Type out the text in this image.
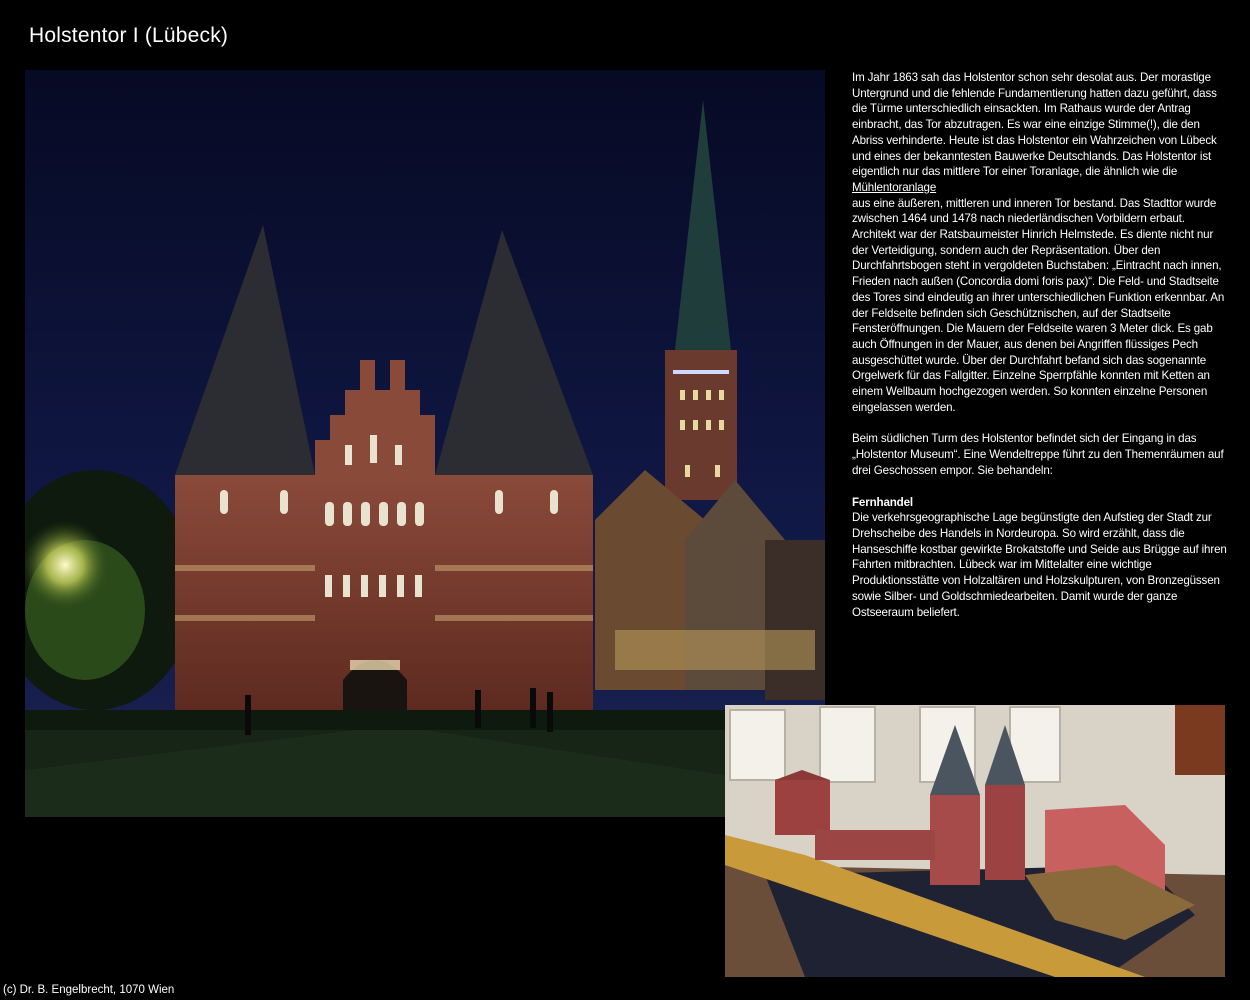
Holstentor I (Lübeck)

Im Jahr 1863 sah das Holstentor schon sehr desolat aus. Der morastige Untergrund und die fehlende Fundamentierung hatten dazu geführt, dass die Türme unterschiedlich einsackten. Im Rathaus wurde der Antrag einbracht, das Tor abzutragen. Es war eine einzige Stimme(!), die den Abriss verhinderte. Heute ist das Holstentor ein Wahrzeichen von Lübeck und eines der bekanntesten Bauwerke Deutschlands. Das Holstentor ist eigentlich nur das mittlere Tor einer Toranlage, die ähnlich wie die

Mühlentoranlage

aus eine äußeren, mittleren und inneren Tor bestand. Das Stadttor wurde zwischen 1464 und 1478 nach niederländischen Vorbildern erbaut. Architekt war der Ratsbaumeister Hinrich Helmstede. Es diente nicht nur der Verteidigung, sondern auch der Repräsentation. Über den Durchfahrtsbogen steht in vergoldeten Buchstaben: „Eintracht nach innen, Frieden nach außen (Concordia domi foris pax)“. Die Feld- und Stadtseite des Tores sind eindeutig an ihrer unterschiedlichen Funktion erkennbar. An der Feldseite befinden sich Geschütznischen, auf der Stadtseite Fensteröffnungen. Die Mauern der Feldseite waren 3 Meter dick. Es gab auch Öffnungen in der Mauer, aus denen bei Angriffen flüssiges Pech ausgeschüttet wurde. Über der Durchfahrt befand sich das sogenannte Orgelwerk für das Fallgitter. Einzelne Sperrpfähle konnten mit Ketten an einem Wellbaum hochgezogen werden. So konnten einzelne Personen eingelassen werden.

Beim südlichen Turm des Holstentor befindet sich der Eingang in das „Holstentor Museum“. Eine Wendeltreppe führt zu den Themenräumen auf drei Geschossen empor. Sie behandeln:

Fernhandel

Die verkehrsgeographische Lage begünstigte den Aufstieg der Stadt zur Drehscheibe des Handels in Nordeuropa. So wird erzählt, dass die Hanseschiffe kostbar gewirkte Brokatstoffe und Seide aus Brügge auf ihren Fahrten mitbrachten. Lübeck war im Mittelalter eine wichtige Produktionsstätte von Holzaltären und Holzskulpturen, von Bronzegüssen sowie Silber- und Goldschmiedearbeiten. Damit wurde der ganze Ostseeraum beliefert.

(c) Dr. B. Engelbrecht, 1070 Wien
